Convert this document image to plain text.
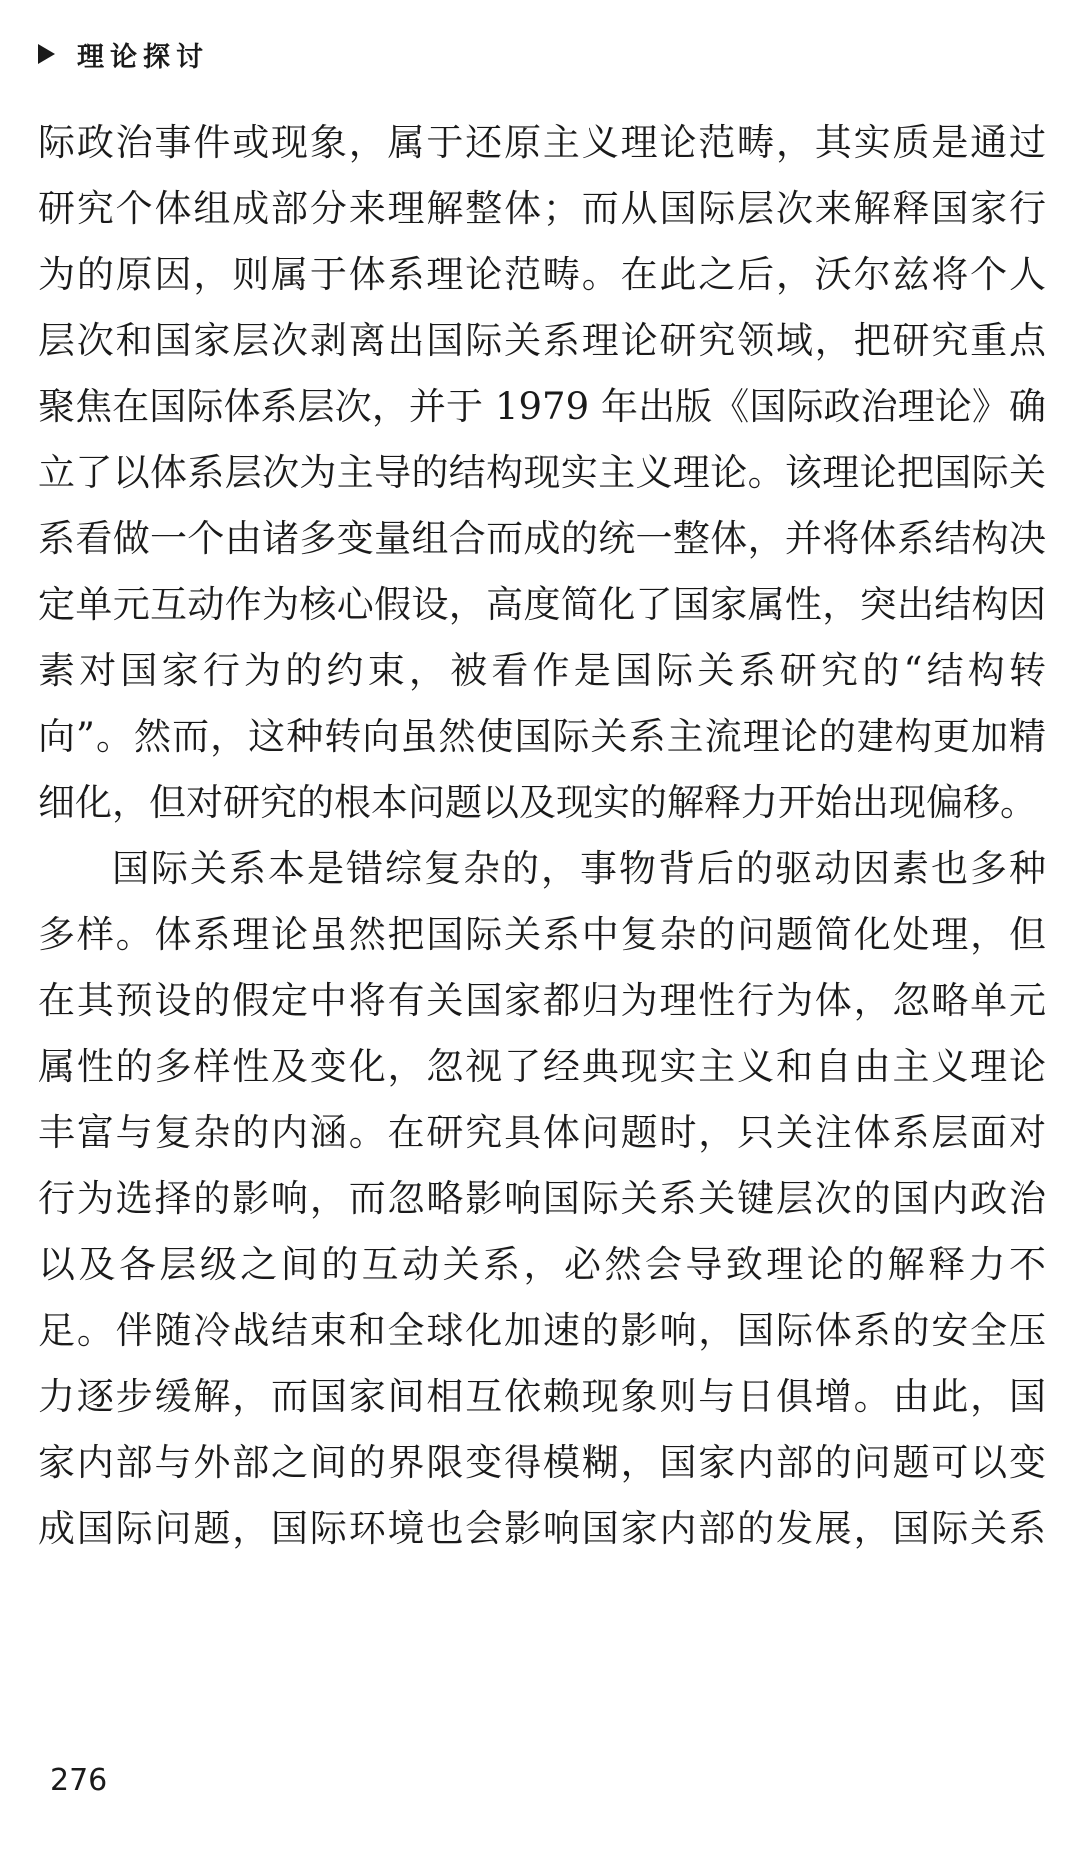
理论探讨
际政治事件或现象，属于还原主义理论范畴，其实质是通过
研究个体组成部分来理解整体；而从国际层次来解释国家行
为的原因，则属于体系理论范畴。在此之后，沃尔兹将个人
层次和国家层次剥离出国际关系理论研究领域，把研究重点
聚焦在国际体系层次，并于 1979 年出版《国际政治理论》确
立了以体系层次为主导的结构现实主义理论。该理论把国际关
系看做一个由诸多变量组合而成的统一整体，并将体系结构决
定单元互动作为核心假设，高度简化了国家属性，突出结构因
素对国家行为的约束，被看作是国际关系研究的“结构转
向”。然而，这种转向虽然使国际关系主流理论的建构更加精
细化，但对研究的根本问题以及现实的解释力开始出现偏移。
国际关系本是错综复杂的，事物背后的驱动因素也多种
多样。体系理论虽然把国际关系中复杂的问题简化处理，但
在其预设的假定中将有关国家都归为理性行为体，忽略单元
属性的多样性及变化，忽视了经典现实主义和自由主义理论
丰富与复杂的内涵。在研究具体问题时，只关注体系层面对
行为选择的影响，而忽略影响国际关系关键层次的国内政治
以及各层级之间的互动关系，必然会导致理论的解释力不
足。伴随冷战结束和全球化加速的影响，国际体系的安全压
力逐步缓解，而国家间相互依赖现象则与日俱增。由此，国
家内部与外部之间的界限变得模糊，国家内部的问题可以变
成国际问题，国际环境也会影响国家内部的发展，国际关系
276
